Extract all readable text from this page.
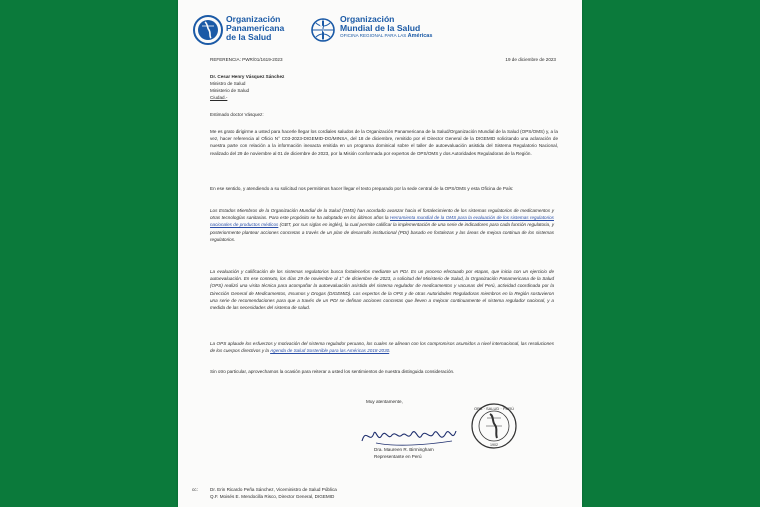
Organización
Panamericana
de la Salud
Organización
Mundial de la Salud
OFICINA REGIONAL PARA LAS Américas
REFERENCIA: PWR/01/1619-2023	19 de diciembre de 2023
Dr. Cesar Henry Vásquez Sánchez
Ministro de Salud
Ministerio de Salud
Ciudad.-
Estimado doctor Vásquez:
Me es grato dirigirme a usted para hacerle llegar los cordiales saludos de la Organización Panamericana de la Salud/Organización Mundial de la Salud (OPS/OMS) y, a la vez, hacer referencia al Oficio N° C03-2023-DIGEMID-DG/MINSA, del 18 de diciembre, remitido por el Director General de la DIGEMID solicitando una aclaración de nuestra parte con relación a la información inexacta emitida en un programa dominical sobre el taller de autoevaluación asistida del Sistema Regulatorio Nacional, realizado del 29 de noviembre al 01 de diciembre de 2023, por la Misión conformada por expertos de OPS/OMS y dos Autoridades Reguladoras de la Región.
En ese sentido, y atendiendo a su solicitud nos permitimos hacer llegar el texto preparado por la sede central de la OPS/OMS y esta Oficina de País:
Los Estados Miembros de la Organización Mundial de la Salud (OMS) han acordado avanzar hacia el fortalecimiento de los sistemas regulatorios de medicamentos y otras tecnologías sanitarias. Para este propósito se ha adoptado en los últimos años la Herramienta mundial de la OMS para la evaluación de los sistemas regulatorios nacionales de productos médicos (GBT, por sus siglas en inglés), la cual permite calificar la implementación de una serie de indicadores para cada función regulatoria, y posteriormente plantear acciones concretas a través de un plan de desarrollo institucional (PDI) basado en fortalezas y las áreas de mejora continua de los sistemas regulatorios.
La evaluación y calificación de los sistemas regulatorios busca fortalecerlos mediante un PDI. Es un proceso efectuado por etapas, que inicia con un ejercicio de autoevaluación. En ese contexto, los días 29 de noviembre al 1° de diciembre de 2023, a solicitud del Ministerio de Salud, la Organización Panamericana de la Salud (OPS) realizó una visita técnica para acompañar la autoevaluación asistida del sistema regulador de medicamentos y vacunas del Perú, actividad coordinada por la Dirección General de Medicamentos, Insumos y Drogas (DIGEMID). Los expertos de la OPS y de otras Autoridades Reguladoras miembros en la Región sostuvieron una serie de recomendaciones para que a través de un PDI se definan acciones concretas que lleven a mejorar continuamente el sistema regulador nacional, y a medida de las necesidades del sistema de salud.
La OPS aplaude los esfuerzos y motivación del sistema regulador peruano, los cuales se alinean con los compromisos asumidos a nivel internacional, las resoluciones de los cuerpos directivos y la Agenda de Salud Sostenible para las Américas 2018-2030.
Sin otro particular, aprovechamos la ocasión para reiterar a usted los sentimientos de nuestra distinguida consideración.
Muy atentamente,
Dra. Maureen R. Birmingham
Representante en Perú
OPS · SALUD · PERÚ
1902
cc:	Dr. Erin Ricardo Peña Sánchez, Viceministro de Salud Pública
Q.F. Moisés E. Mendocilla Risco, Director General, DIGEMID
